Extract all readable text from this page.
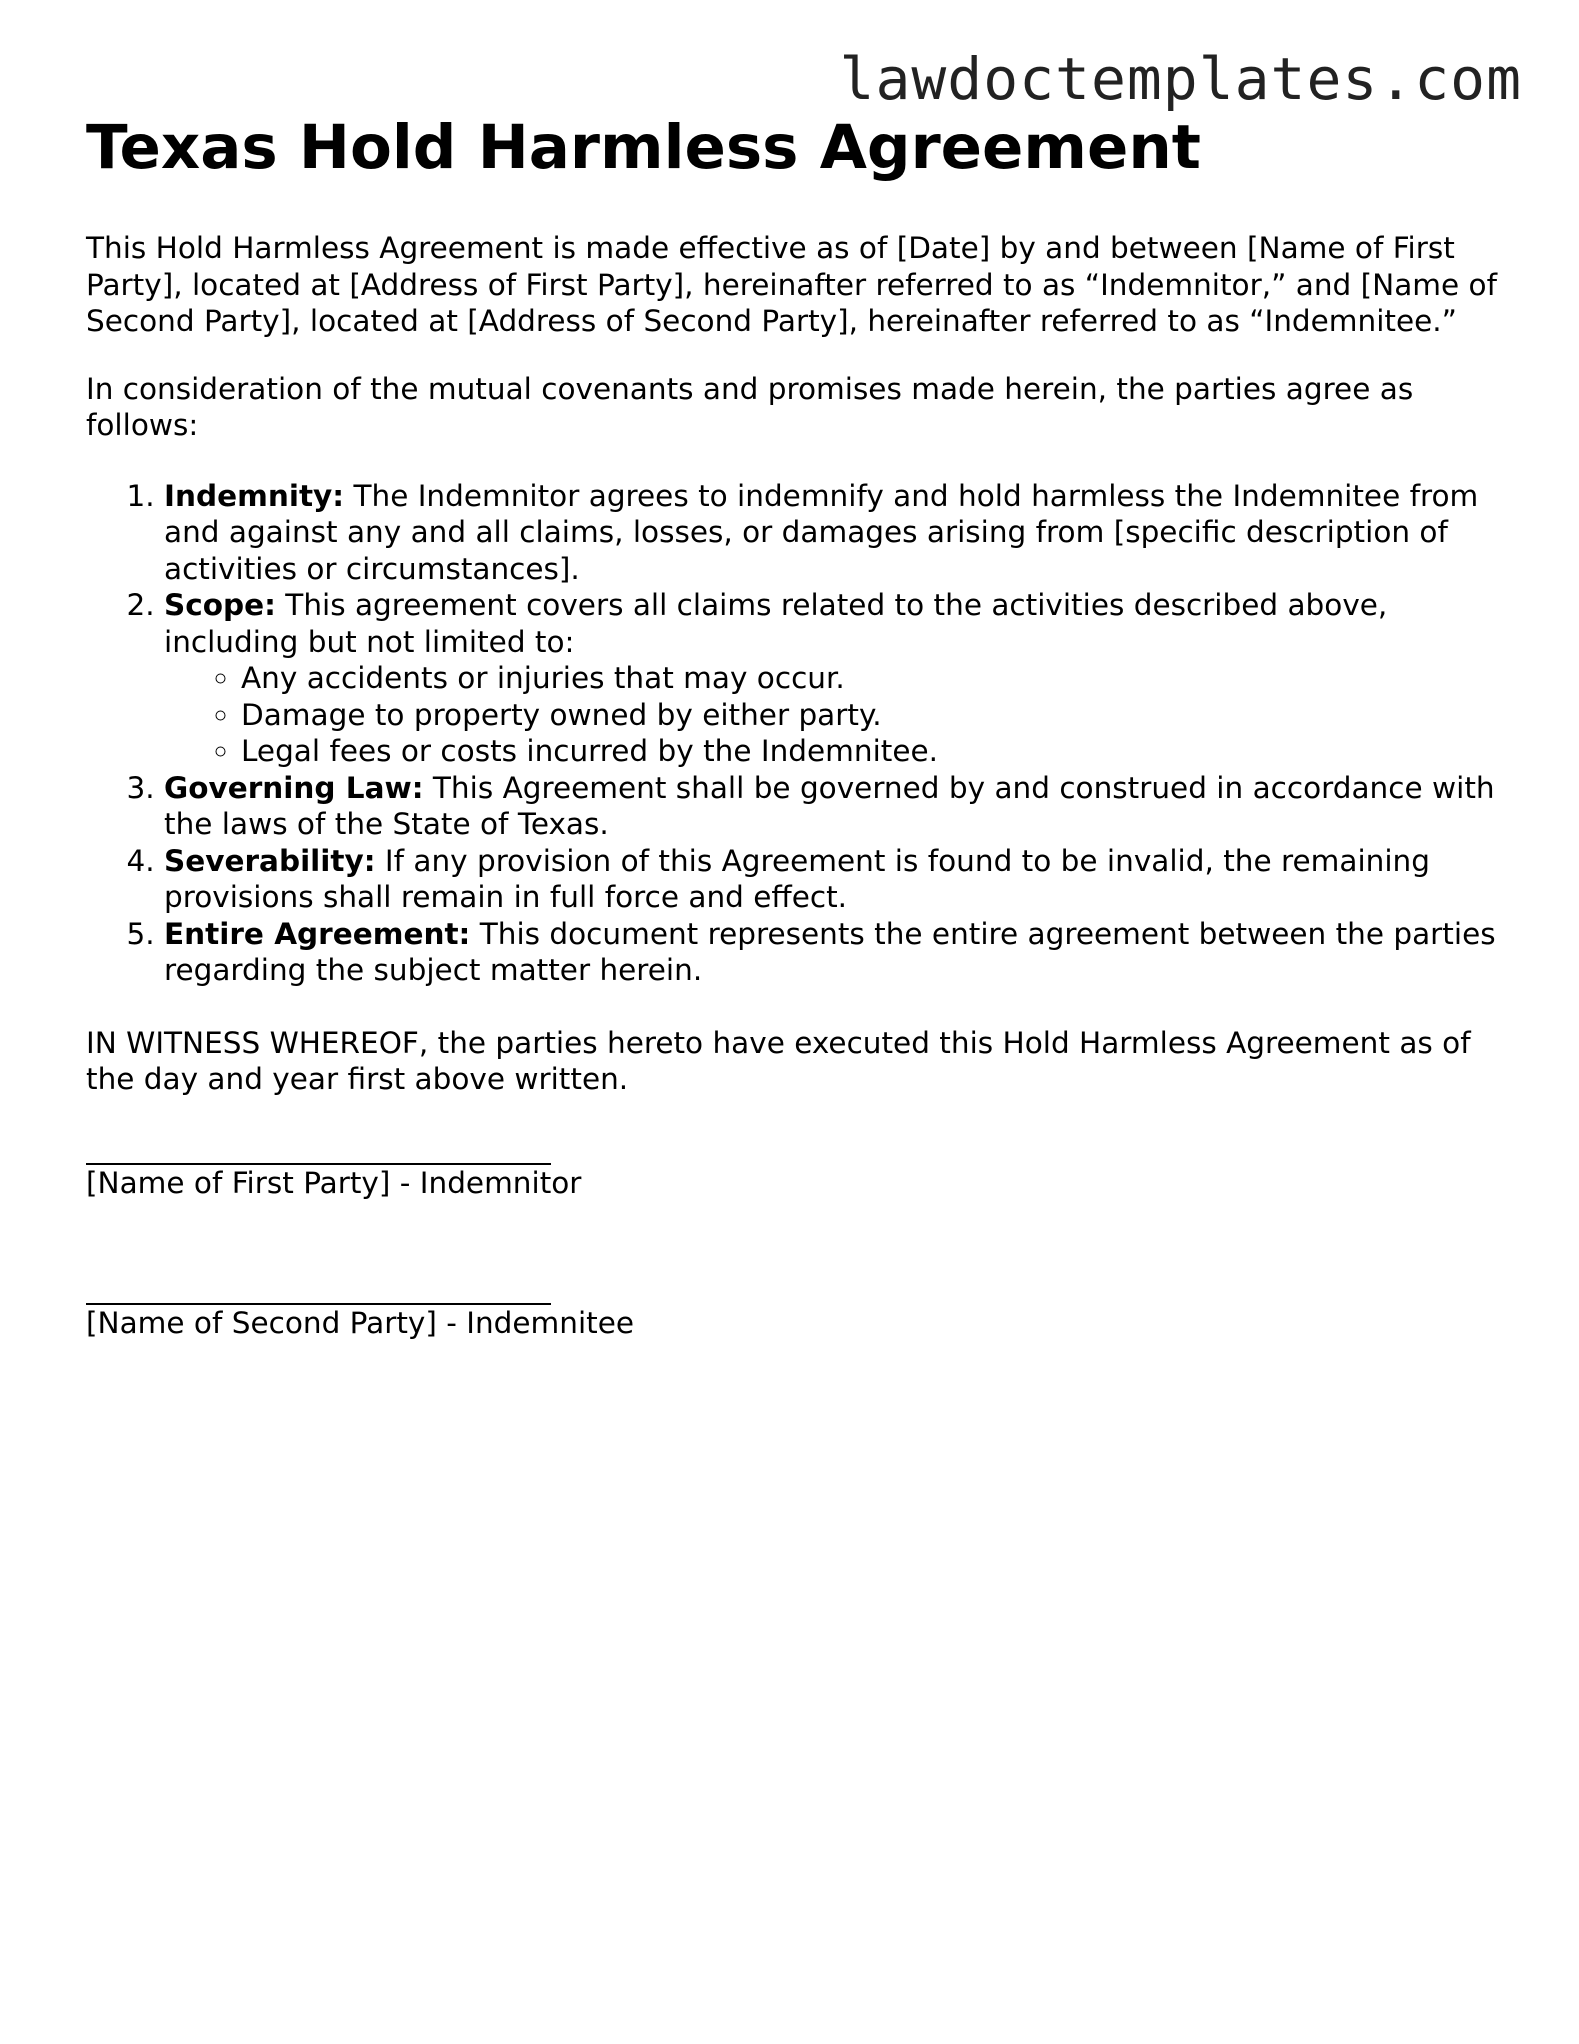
lawdoctemplates.com
Texas Hold Harmless Agreement

This Hold Harmless Agreement is made effective as of [Date] by and between [Name of First Party], located at [Address of First Party], hereinafter referred to as “Indemnitor,” and [Name of Second Party], located at [Address of Second Party], hereinafter referred to as “Indemnitee.”

In consideration of the mutual covenants and promises made herein, the parties agree as follows:

1. Indemnity: The Indemnitor agrees to indemnify and hold harmless the Indemnitee from and against any and all claims, losses, or damages arising from [specific description of activities or circumstances].
2. Scope: This agreement covers all claims related to the activities described above, including but not limited to:
◦ Any accidents or injuries that may occur.
◦ Damage to property owned by either party.
◦ Legal fees or costs incurred by the Indemnitee.
3. Governing Law: This Agreement shall be governed by and construed in accordance with the laws of the State of Texas.
4. Severability: If any provision of this Agreement is found to be invalid, the remaining provisions shall remain in full force and effect.
5. Entire Agreement: This document represents the entire agreement between the parties regarding the subject matter herein.

IN WITNESS WHEREOF, the parties hereto have executed this Hold Harmless Agreement as of the day and year first above written.

[Name of First Party] - Indemnitor
[Name of Second Party] - Indemnitee
